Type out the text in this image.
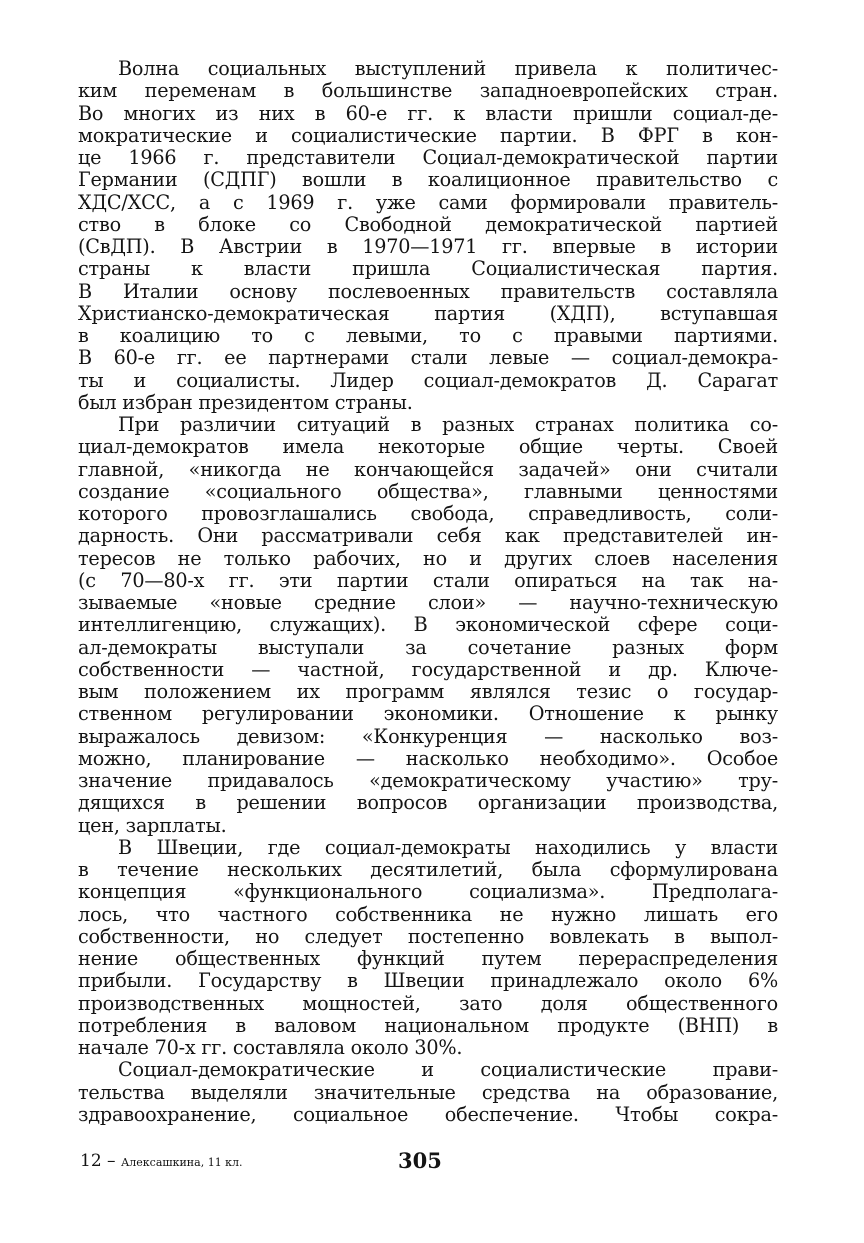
Волна социальных выступлений привела к политичес-
ким переменам в большинстве западноевропейских стран.
Во многих из них в 60-е гг. к власти пришли социал-де-
мократические и социалистические партии. В ФРГ в кон-
це 1966 г. представители Социал-демократической партии
Германии (СДПГ) вошли в коалиционное правительство с
ХДС/ХСС, а с 1969 г. уже сами формировали правитель-
ство в блоке со Свободной демократической партией
(СвДП). В Австрии в 1970—1971 гг. впервые в истории
страны к власти пришла Социалистическая партия.
В Италии основу послевоенных правительств составляла
Христианско-демократическая партия (ХДП), вступавшая
в коалицию то с левыми, то с правыми партиями.
В 60-е гг. ее партнерами стали левые — социал-демокра-
ты и социалисты. Лидер социал-демократов Д. Сарагат
был избран президентом страны.
При различии ситуаций в разных странах политика со-
циал-демократов имела некоторые общие черты. Своей
главной, «никогда не кончающейся задачей» они считали
создание «социального общества», главными ценностями
которого провозглашались свобода, справедливость, соли-
дарность. Они рассматривали себя как представителей ин-
тересов не только рабочих, но и других слоев населения
(с 70—80-х гг. эти партии стали опираться на так на-
зываемые «новые средние слои» — научно-техническую
интеллигенцию, служащих). В экономической сфере соци-
ал-демократы выступали за сочетание разных форм
собственности — частной, государственной и др. Ключе-
вым положением их программ являлся тезис о государ-
ственном регулировании экономики. Отношение к рынку
выражалось девизом: «Конкуренция — насколько воз-
можно, планирование — насколько необходимо». Особое
значение придавалось «демократическому участию» тру-
дящихся в решении вопросов организации производства,
цен, зарплаты.
В Швеции, где социал-демократы находились у власти
в течение нескольких десятилетий, была сформулирована
концепция «функционального социализма». Предполага-
лось, что частного собственника не нужно лишать его
собственности, но следует постепенно вовлекать в выпол-
нение общественных функций путем перераспределения
прибыли. Государству в Швеции принадлежало около 6%
производственных мощностей, зато доля общественного
потребления в валовом национальном продукте (ВНП) в
начале 70-х гг. составляла около 30%.
Социал-демократические и социалистические прави-
тельства выделяли значительные средства на образование,
здравоохранение, социальное обеспечение. Чтобы сокра-
12 – Алексашкина, 11 кл.	305
